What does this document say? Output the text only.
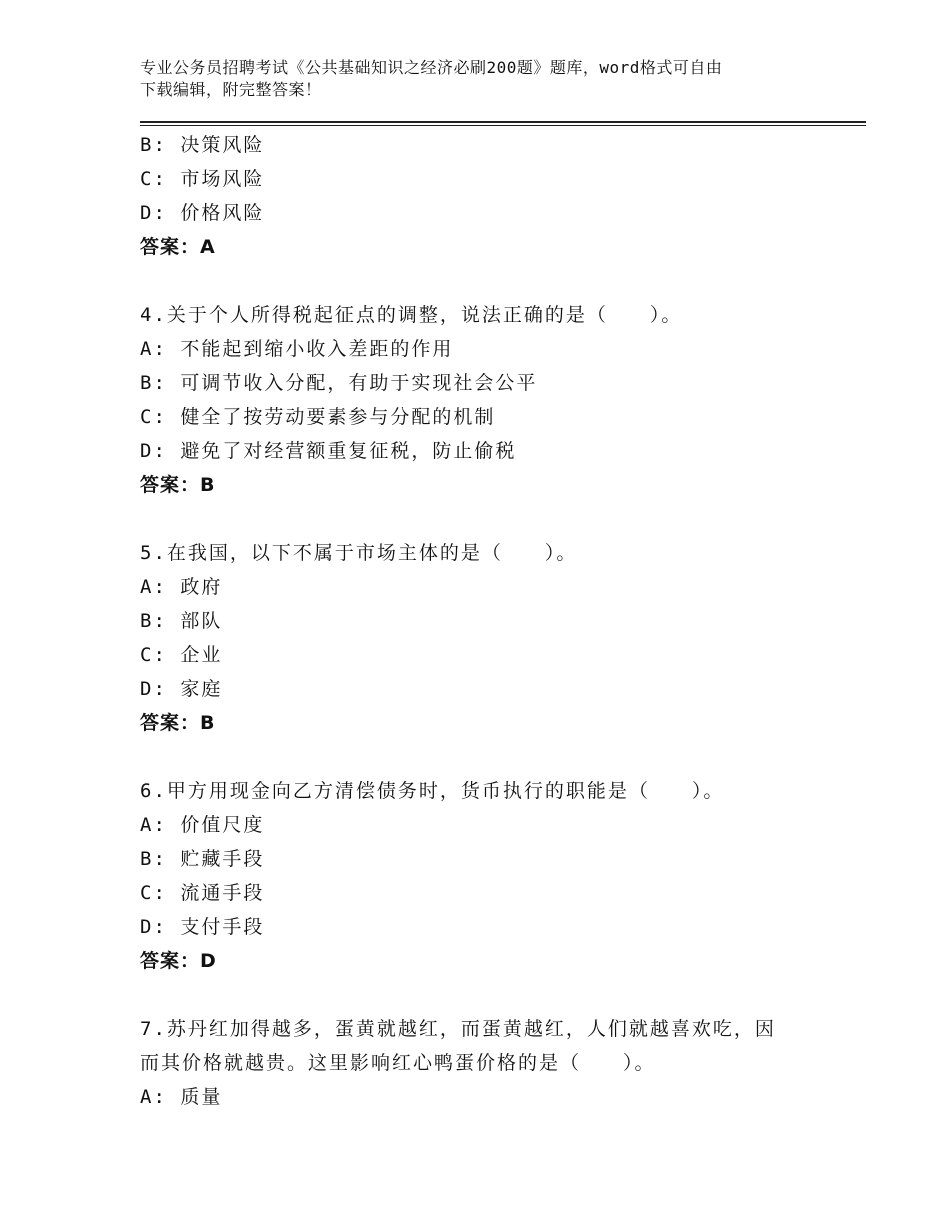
专业公务员招聘考试《公共基础知识之经济必刷200题》题库，word格式可自由
下载编辑，附完整答案！
B: 决策风险
C: 市场风险
D: 价格风险
答案：A
4.关于个人所得税起征点的调整，说法正确的是（　　）。
A: 不能起到缩小收入差距的作用
B: 可调节收入分配，有助于实现社会公平
C: 健全了按劳动要素参与分配的机制
D: 避免了对经营额重复征税，防止偷税
答案：B
5.在我国，以下不属于市场主体的是（　　）。
A: 政府
B: 部队
C: 企业
D: 家庭
答案：B
6.甲方用现金向乙方清偿债务时，货币执行的职能是（　　）。
A: 价值尺度
B: 贮藏手段
C: 流通手段
D: 支付手段
答案：D
7.苏丹红加得越多，蛋黄就越红，而蛋黄越红，人们就越喜欢吃，因
而其价格就越贵。这里影响红心鸭蛋价格的是（　　）。
A: 质量
